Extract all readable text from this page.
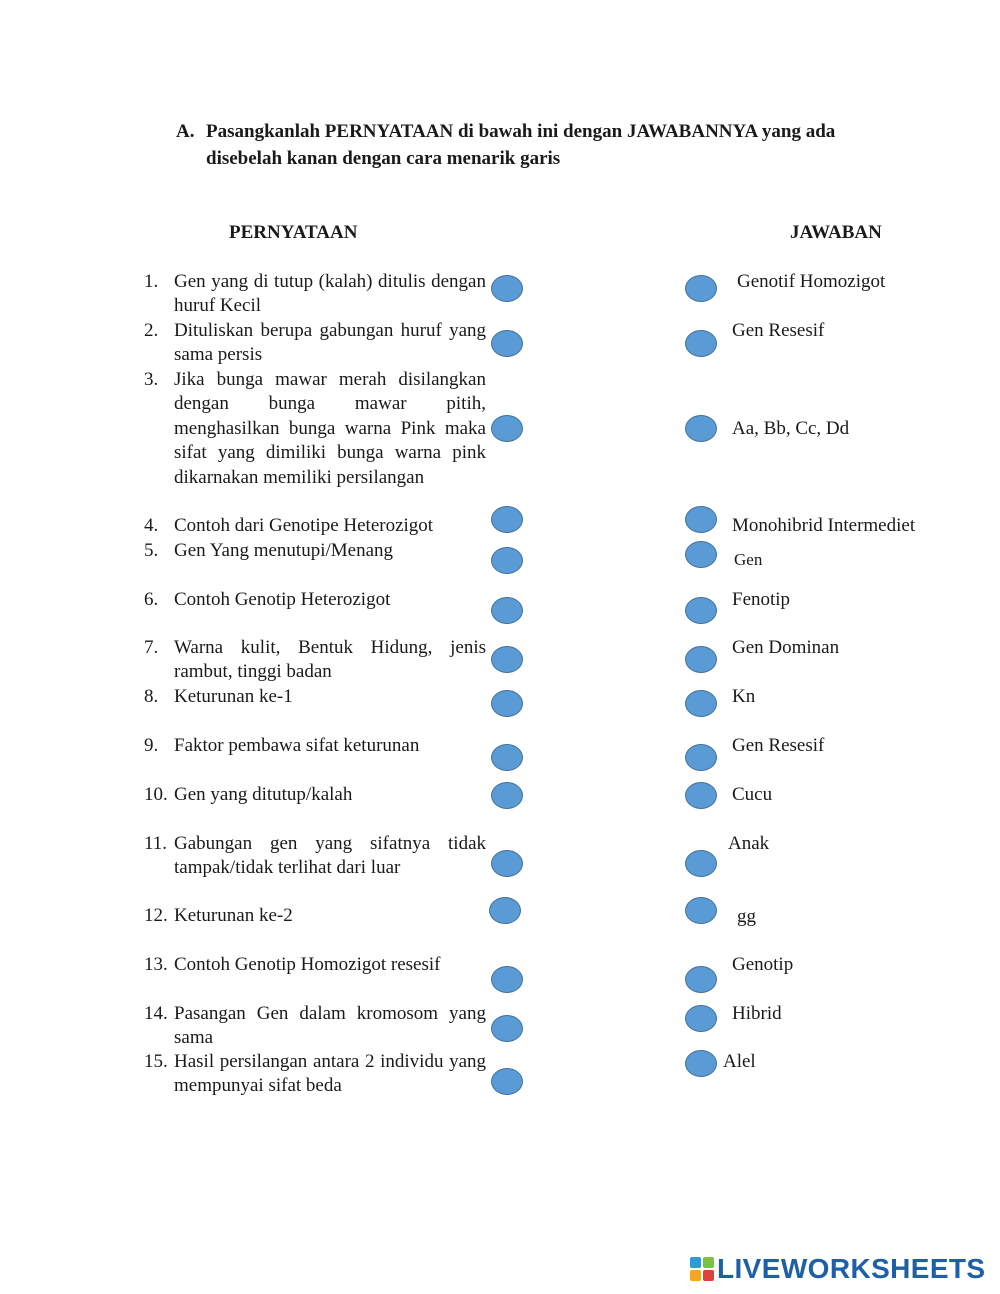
A. Pasangkanlah PERNYATAAN di bawah ini dengan JAWABANNYA yang ada disebelah kanan dengan cara menarik garis
PERNYATAAN	JAWABAN
1. Gen yang di tutup (kalah) ditulis dengan huruf Kecil
2. Dituliskan berupa gabungan huruf yang sama persis
3. Jika bunga mawar merah disilangkan dengan bunga mawar pitih, menghasilkan bunga warna Pink maka sifat yang dimiliki bunga warna pink dikarnakan memiliki persilangan
4. Contoh dari Genotipe Heterozigot
5. Gen Yang menutupi/Menang
6. Contoh Genotip Heterozigot
7. Warna kulit, Bentuk Hidung, jenis rambut, tinggi badan
8. Keturunan ke-1
9. Faktor pembawa sifat keturunan
10. Gen yang ditutup/kalah
11. Gabungan gen yang sifatnya tidak tampak/tidak terlihat dari luar
12. Keturunan ke-2
13. Contoh Genotip Homozigot resesif
14. Pasangan Gen dalam kromosom yang sama
15. Hasil persilangan antara 2 individu yang mempunyai sifat beda
Genotif Homozigot
Gen Resesif
Aa, Bb, Cc, Dd
Monohibrid Intermediet
Gen
Fenotip
Gen Dominan
Kn
Gen Resesif
Cucu
Anak
gg
Genotip
Hibrid
Alel
LIVEWORKSHEETS
